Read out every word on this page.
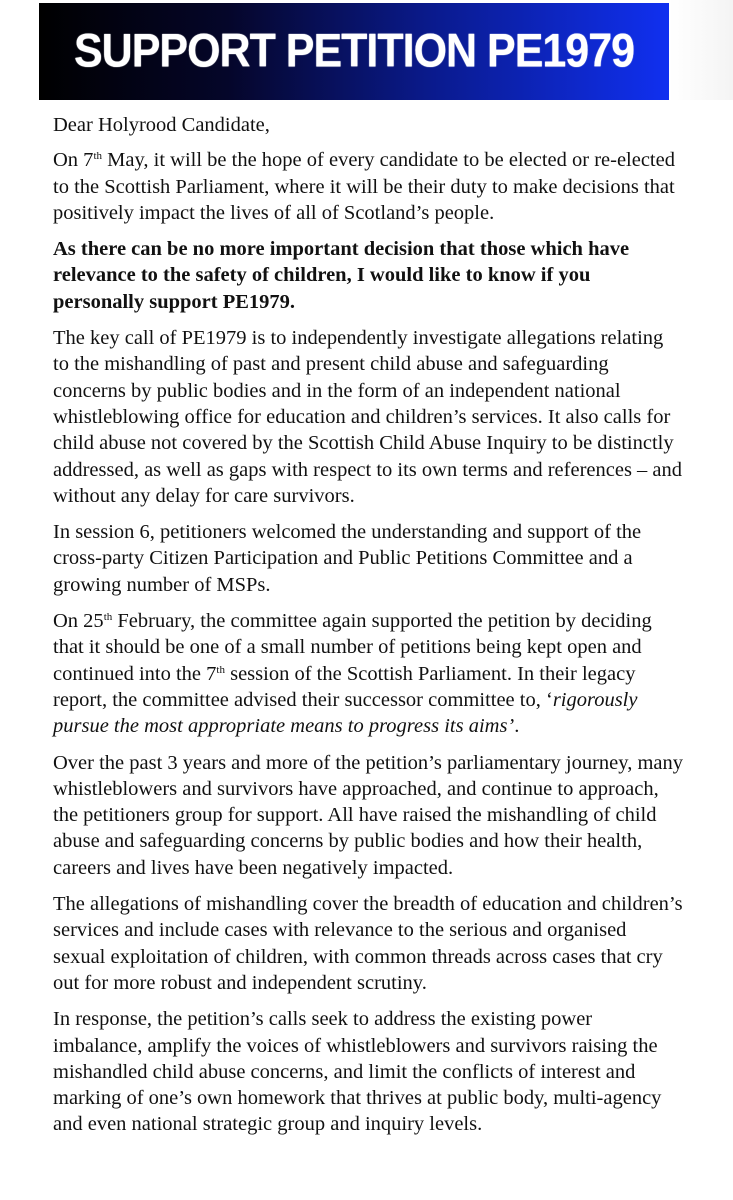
SUPPORT PETITION PE1979

Dear Holyrood Candidate,

On 7th May, it will be the hope of every candidate to be elected or re-elected to the Scottish Parliament, where it will be their duty to make decisions that positively impact the lives of all of Scotland’s people.

As there can be no more important decision that those which have relevance to the safety of children, I would like to know if you personally support PE1979.

The key call of PE1979 is to independently investigate allegations relating to the mishandling of past and present child abuse and safeguarding concerns by public bodies and in the form of an independent national whistleblowing office for education and children’s services. It also calls for child abuse not covered by the Scottish Child Abuse Inquiry to be distinctly addressed, as well as gaps with respect to its own terms and references – and without any delay for care survivors.

In session 6, petitioners welcomed the understanding and support of the cross-party Citizen Participation and Public Petitions Committee and a growing number of MSPs.

On 25th February, the committee again supported the petition by deciding that it should be one of a small number of petitions being kept open and continued into the 7th session of the Scottish Parliament. In their legacy report, the committee advised their successor committee to, ‘rigorously pursue the most appropriate means to progress its aims’.

Over the past 3 years and more of the petition’s parliamentary journey, many whistleblowers and survivors have approached, and continue to approach, the petitioners group for support. All have raised the mishandling of child abuse and safeguarding concerns by public bodies and how their health, careers and lives have been negatively impacted.

The allegations of mishandling cover the breadth of education and children’s services and include cases with relevance to the serious and organised sexual exploitation of children, with common threads across cases that cry out for more robust and independent scrutiny.

In response, the petition’s calls seek to address the existing power imbalance, amplify the voices of whistleblowers and survivors raising the mishandled child abuse concerns, and limit the conflicts of interest and marking of one’s own homework that thrives at public body, multi-agency and even national strategic group and inquiry levels.
